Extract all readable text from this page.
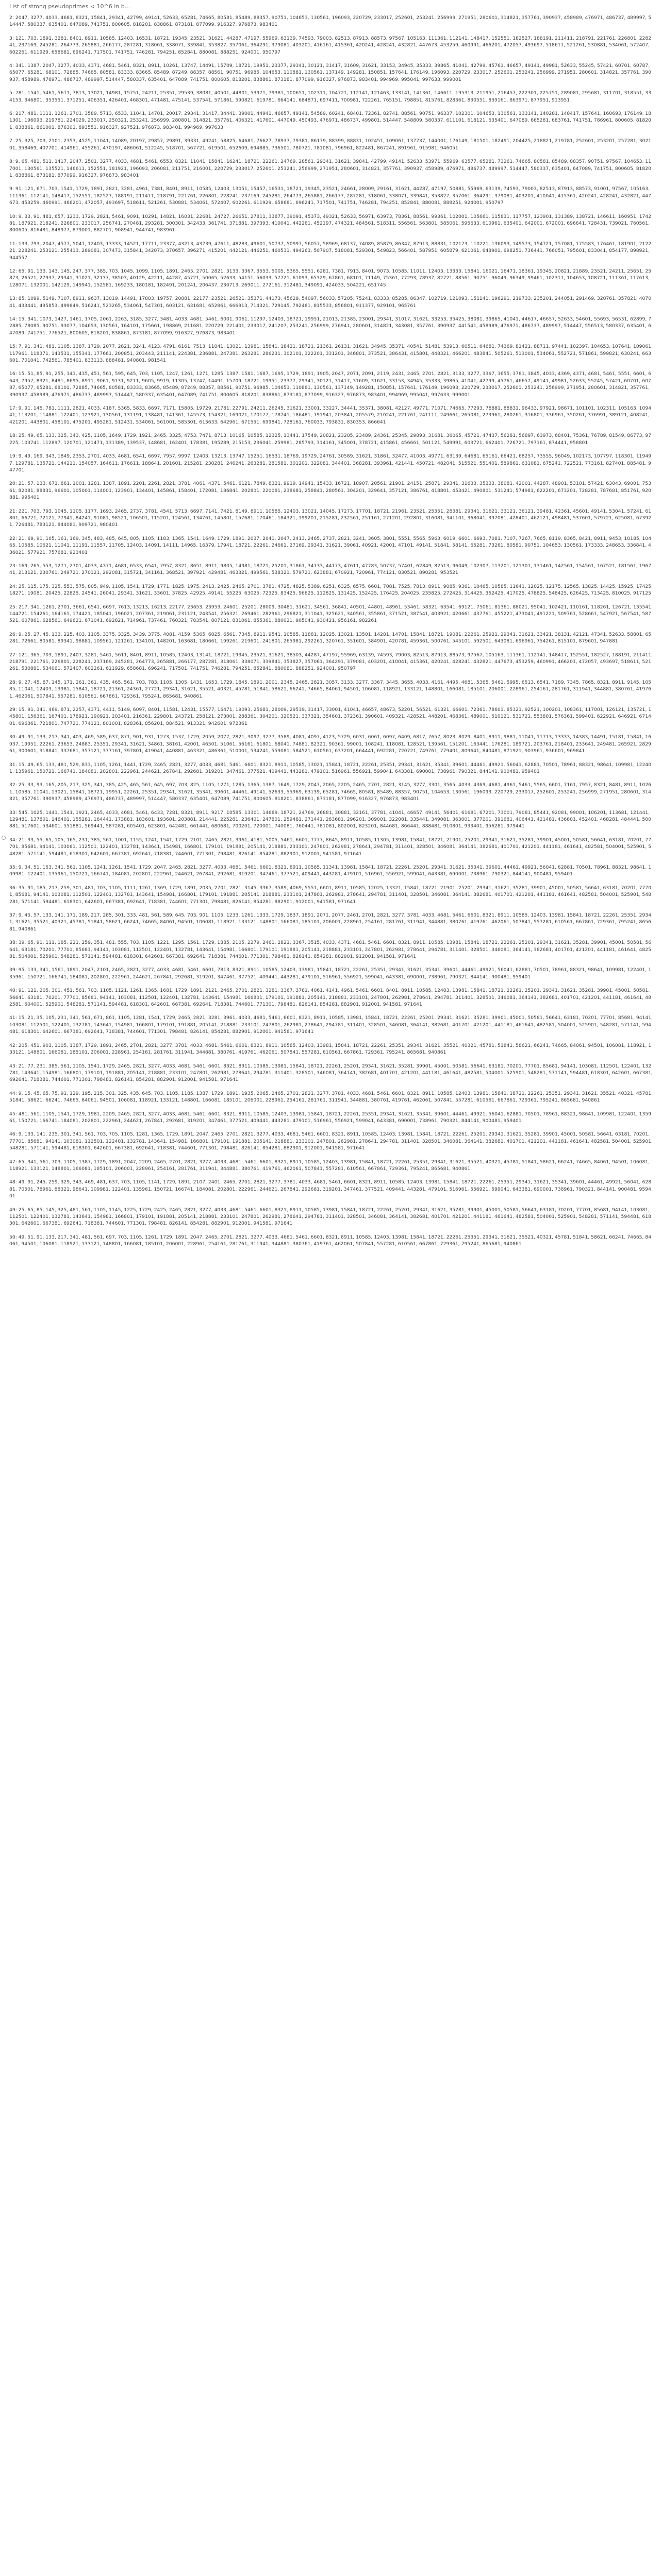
List of strong pseudoprimes < 10^6 in b...
2: 2047, 3277, 4033, 4681, 8321, 15841, 29341, 42799, 49141, 52633, 65281, 74665, 80581, 85489, 88357, 90751, 104653, 130561, 196093, 220729, 233017, 252601, 253241, 256999, 271951, 280601, 314821, 357761, 390937, 458989, 476971, 486737, 489997, 514447, 580337, 635401, 647089, 741751, 800605, 818201, 838861, 873181, 877099, 916327, 976873, 983401
3: 121, 703, 1891, 3281, 8401, 8911, 10585, 12403, 16531, 18721, 19345, 23521, 31621, 44287, 47197, 55969, 63139, 74593, 79003, 82513, 87913, 88573, 97567, 105163, 111361, 112141, 148417, 152551, 182527, 188191, 211411, 218791, 221761, 226801, 228241, 237169, 245281, 264773, 265881, 266177, 287281, 318061, 338071, 339841, 353827, 357061, 364291, 379081, 403201, 416161, 415361, 420241, 428241, 432821, 447673, 453259, 460991, 466201, 472057, 493697, 518611, 521261, 530881, 534061, 572407, 602261, 611929, 658681, 696241, 717501, 741751, 746281, 794251, 852841, 880081, 888251, 924001, 950797
4: 341, 1387, 2047, 3277, 4033, 4371, 4681, 5461, 8321, 8911, 10261, 13747, 14491, 15709, 18721, 19951, 23377, 29341, 30121, 31417, 31609, 31621, 33153, 34945, 35333, 39865, 41041, 42799, 45761, 46657, 49141, 49981, 52633, 55245, 57421, 60701, 60787, 65077, 65281, 68101, 72885, 74665, 80581, 83333, 83665, 85489, 87249, 88357, 88561, 90751, 96985, 104653, 110881, 130561, 137149, 149281, 150851, 157641, 176149, 196093, 220729, 233017, 252601, 253241, 256999, 271951, 280601, 314821, 357761, 390937, 458989, 476971, 486737, 489997, 514447, 580337, 635401, 647089, 741751, 800605, 818201, 838861, 873181, 877099, 916327, 976873, 983401, 994969, 995041, 997633, 999001
5: 781, 1541, 5461, 5611, 7813, 13021, 14981, 15751, 24211, 25351, 29539, 38081, 40501, 44801, 53971, 79381, 100651, 102311, 104721, 112141, 121463, 133141, 141361, 146611, 195313, 211951, 216457, 222301, 225751, 289081, 295681, 311701, 318551, 334153, 346801, 353551, 371251, 406351, 426401, 468301, 471481, 475141, 537541, 571861, 590821, 619781, 664141, 684871, 697411, 700981, 722261, 765151, 798851, 815761, 828361, 830551, 839161, 863971, 877951, 913951
6: 217, 481, 1111, 1261, 2701, 3589, 5713, 6533, 11041, 14701, 20017, 29341, 31417, 34441, 39001, 44941, 46657, 49141, 54589, 60241, 68401, 72361, 82741, 88561, 90751, 96337, 102301, 104653, 130561, 133141, 140281, 148417, 157641, 160693, 176149, 181301, 196093, 219781, 224029, 233017, 250321, 253241, 256999, 280801, 314821, 357761, 406321, 417601, 447049, 450493, 476971, 486737, 499801, 514447, 548809, 580337, 611101, 618121, 635401, 647089, 665281, 683761, 741751, 786961, 800605, 818201, 838861, 861001, 876301, 893551, 916327, 927521, 976873, 983401, 994969, 997633
7: 25, 325, 703, 2101, 2353, 4525, 11041, 14089, 20197, 29857, 29891, 39331, 49241, 58825, 64681, 76627, 78937, 79381, 86179, 88399, 88831, 102451, 109061, 137737, 144001, 176149, 181501, 182491, 204425, 218821, 219781, 252601, 253201, 257281, 302101, 358469, 407701, 414961, 455261, 470197, 486061, 512245, 518701, 567721, 619501, 652609, 694885, 736501, 780721, 781081, 796961, 822481, 867241, 891961, 915981, 946051
8: 9, 65, 481, 511, 1417, 2047, 2501, 3277, 4033, 4681, 5461, 6553, 8321, 11041, 15841, 16241, 18721, 22261, 24769, 28561, 29341, 31621, 39841, 42799, 49141, 52633, 53971, 55969, 63577, 65281, 73261, 74665, 80581, 85489, 88357, 90751, 97567, 104653, 117001, 130561, 135521, 146611, 152551, 181921, 196093, 206081, 211751, 216001, 220729, 233017, 252601, 253241, 256999, 271951, 280601, 314821, 357761, 390937, 458989, 476971, 486737, 489997, 514447, 580337, 635401, 647089, 741751, 800605, 818201, 838861, 873181, 877099, 916327, 976873, 983401
9: 91, 121, 671, 703, 1541, 1729, 1891, 2821, 3281, 4961, 7381, 8401, 8911, 10585, 12403, 13051, 15457, 16531, 18721, 19345, 23521, 24661, 28009, 29161, 31621, 44287, 47197, 50881, 55969, 63139, 74593, 79003, 82513, 87913, 88573, 91001, 97567, 105163, 111361, 112141, 148417, 152551, 182527, 188191, 211411, 218791, 221761, 226801, 228241, 237169, 245281, 264773, 265881, 266177, 287281, 318061, 338071, 339841, 353827, 357061, 364291, 379081, 403201, 410041, 415361, 420241, 428241, 432821, 447673, 453259, 460991, 466201, 472057, 493697, 518611, 521261, 530881, 534061, 572407, 602261, 611929, 658681, 696241, 717501, 741751, 746281, 794251, 852841, 880081, 888251, 924001, 950797
10: 9, 33, 91, 481, 657, 1233, 1729, 2821, 5461, 9091, 10291, 14821, 16031, 22681, 24727, 26651, 27811, 33877, 39091, 45373, 49321, 52633, 56971, 63973, 78361, 88561, 99361, 102001, 105661, 115831, 117757, 123901, 131389, 138721, 146611, 160951, 174281, 187921, 218241, 226801, 233017, 256741, 270481, 293281, 300301, 342433, 361741, 371881, 397393, 410041, 442261, 452197, 474321, 484561, 518311, 556561, 563801, 585061, 595633, 610961, 635401, 642001, 672001, 696641, 728431, 739021, 760561, 800605, 816481, 848977, 879001, 882701, 908941, 944741, 983961
11: 133, 793, 2047, 4577, 5041, 12403, 13333, 14521, 17711, 23377, 43213, 43739, 47611, 48283, 49601, 50737, 50997, 56057, 58969, 68137, 74089, 85879, 86347, 87913, 88831, 102173, 110221, 136093, 149573, 154721, 157081, 175583, 176461, 181901, 212221, 228241, 253121, 255413, 289081, 307473, 315841, 342073, 370657, 396271, 415201, 442121, 446251, 460531, 494263, 507907, 518081, 529301, 549823, 566401, 587951, 605879, 621061, 648901, 698251, 736441, 766051, 795601, 833041, 854177, 898921, 944557
12: 65, 91, 133, 143, 145, 247, 377, 385, 703, 1045, 1099, 1105, 1891, 2465, 2701, 2821, 3133, 3367, 3553, 5005, 5365, 5551, 6281, 7381, 7913, 8401, 9073, 10585, 11011, 12403, 13333, 15841, 16021, 16471, 18361, 19345, 20821, 21889, 23521, 24211, 25651, 25873, 26521, 27937, 29341, 31021, 32137, 38503, 40129, 42211, 44287, 45721, 50065, 52633, 54151, 56033, 57721, 61093, 65329, 67861, 68101, 71149, 75361, 77293, 78937, 82721, 88561, 90751, 96049, 96349, 99461, 102311, 104653, 108721, 111361, 117613, 128071, 132001, 142129, 149941, 152581, 169233, 180181, 182491, 201241, 206437, 230713, 269011, 272161, 312481, 349091, 424033, 504221, 651745
13: 85, 1099, 5149, 7107, 8911, 9637, 13019, 14491, 17803, 19757, 20881, 22177, 23521, 26521, 35371, 44173, 45629, 54097, 56033, 57205, 75241, 83333, 85285, 86347, 102719, 121093, 151141, 196291, 219733, 235201, 244051, 291469, 320761, 357821, 407041, 433441, 495853, 499849, 516241, 523265, 534061, 547301, 603121, 631681, 652861, 666913, 714321, 729145, 792481, 815533, 856801, 911377, 929101, 965761
14: 15, 341, 1073, 1427, 1461, 1705, 2061, 2263, 3185, 3277, 3481, 4033, 4681, 5461, 6001, 9061, 11297, 12403, 18721, 19951, 21013, 21385, 23001, 29341, 31017, 31621, 33253, 35425, 38081, 39865, 41041, 44617, 46657, 52633, 54601, 55693, 56531, 62899, 72885, 78085, 90751, 93077, 104653, 130561, 164101, 175661, 198869, 211681, 220729, 221401, 233017, 241207, 253241, 256999, 276941, 280601, 314821, 343081, 357761, 390937, 441541, 458989, 476971, 486737, 489997, 514447, 556513, 580337, 635401, 647089, 741751, 776521, 800605, 818201, 838861, 873181, 877099, 916327, 976873, 983401
15: 7, 91, 341, 481, 1105, 1387, 1729, 2077, 2821, 3241, 4123, 4791, 6161, 7513, 11041, 13021, 13981, 15841, 18421, 18721, 21361, 26131, 31621, 34945, 35371, 40541, 51481, 53913, 60511, 64681, 74369, 81421, 88711, 97441, 102397, 104653, 107641, 109061, 117961, 118371, 143531, 155341, 177661, 200851, 203443, 211141, 224381, 236881, 247381, 263281, 286231, 302101, 322201, 331201, 346801, 373521, 386431, 415801, 448321, 466201, 483841, 505261, 513001, 534061, 552721, 571861, 599821, 630241, 663601, 701041, 742561, 785401, 833113, 888481, 940801, 981541
16: 15, 51, 85, 91, 255, 341, 435, 451, 561, 595, 645, 703, 1105, 1247, 1261, 1271, 1285, 1387, 1581, 1687, 1695, 1729, 1891, 1905, 2047, 2071, 2091, 2119, 2431, 2465, 2701, 2821, 3133, 3277, 3367, 3655, 3781, 3845, 4033, 4369, 4371, 4681, 5461, 5551, 6601, 6643, 7957, 8321, 8481, 8695, 8911, 9061, 9131, 9211, 9605, 9919, 11305, 13747, 14491, 15709, 18721, 19951, 23377, 29341, 30121, 31417, 31609, 31621, 33153, 34945, 35333, 39865, 41041, 42799, 45761, 46657, 49141, 49981, 52633, 55245, 57421, 60701, 60787, 65077, 65281, 68101, 72885, 74665, 80581, 83333, 83665, 85489, 87249, 88357, 88561, 90751, 96985, 104653, 110881, 130561, 137149, 149281, 150851, 157641, 176149, 196093, 220729, 233017, 252601, 253241, 256999, 271951, 280601, 314821, 357761, 390937, 458989, 476971, 486737, 489997, 514447, 580337, 635401, 647089, 741751, 800605, 818201, 838861, 873181, 877099, 916327, 976873, 983401, 994969, 995041, 997633, 999001
17: 9, 91, 145, 781, 1111, 2821, 4033, 4187, 5365, 5833, 6697, 7171, 15805, 19729, 21781, 22791, 24211, 26245, 31621, 33001, 33227, 34441, 35371, 38081, 42127, 49771, 71071, 74665, 77293, 78881, 88831, 96433, 97921, 98671, 101101, 102311, 105163, 109441, 113201, 114881, 122401, 123921, 130561, 131191, 138481, 141361, 145573, 154321, 169021, 170177, 178741, 186481, 191941, 203841, 205579, 210241, 221761, 241111, 249661, 265081, 273961, 280261, 316801, 336961, 350261, 376991, 389121, 408241, 421201, 443801, 458101, 475201, 495281, 512431, 534061, 561001, 585301, 613633, 642961, 671551, 699841, 728161, 760033, 793831, 830353, 866641
18: 25, 49, 65, 133, 325, 343, 425, 1105, 1649, 1729, 1921, 2465, 3325, 4753, 7471, 8713, 10165, 10585, 12325, 13441, 17549, 20821, 23205, 23489, 24361, 25345, 29893, 31681, 36065, 45721, 47437, 56281, 56897, 63973, 68401, 75361, 76789, 81549, 86773, 97225, 103741, 112897, 120701, 121471, 131389, 139537, 148681, 162401, 178381, 195289, 215153, 236041, 259981, 285793, 314161, 345001, 378721, 415861, 456661, 501121, 549991, 603721, 662401, 726721, 797161, 874441, 958801
19: 9, 49, 169, 343, 1849, 2353, 2701, 4033, 4681, 6541, 6697, 7957, 9997, 12403, 13213, 13747, 15251, 16531, 18769, 19729, 24761, 30589, 31621, 31861, 32477, 41003, 49771, 63139, 64681, 65161, 66421, 68257, 73555, 96049, 102173, 107797, 118301, 119497, 129781, 135721, 144211, 154057, 164611, 176611, 188641, 201601, 215281, 230281, 246241, 263281, 281581, 301201, 322081, 344401, 368281, 393961, 421441, 450721, 482041, 515521, 551401, 589861, 631081, 675241, 722521, 773161, 827401, 885481, 947701
20: 21, 57, 133, 671, 861, 1001, 1281, 1387, 1891, 2201, 2261, 2821, 3781, 4061, 4371, 5461, 6121, 7849, 8321, 9919, 14941, 15433, 16721, 18907, 20561, 21901, 24151, 25871, 29341, 31633, 35333, 38081, 42001, 44287, 48901, 53101, 57421, 63043, 69001, 75361, 82081, 88831, 96601, 105001, 114001, 123901, 134401, 145861, 158401, 172081, 186841, 202801, 220081, 238681, 258841, 280561, 304201, 329641, 357121, 386761, 418801, 453421, 490801, 531241, 574981, 622201, 673201, 728281, 787681, 851761, 920881, 995401
21: 221, 703, 793, 1045, 1105, 1177, 1693, 2465, 2737, 3781, 4541, 5713, 6697, 7141, 7421, 8149, 8911, 10585, 12403, 13021, 14045, 17273, 17701, 18721, 21961, 23521, 25351, 28381, 29341, 31621, 33121, 36121, 39481, 42361, 45601, 49141, 53041, 57241, 61801, 66721, 72121, 77941, 84241, 91081, 98521, 106501, 115201, 124561, 134761, 145801, 157681, 170461, 184321, 199201, 215281, 232561, 251161, 271201, 292801, 316081, 341101, 368041, 397081, 428401, 462121, 498481, 537601, 579721, 625081, 673921, 726481, 783121, 844081, 909721, 980401
22: 21, 69, 91, 105, 161, 169, 345, 483, 485, 645, 805, 1105, 1183, 1365, 1541, 1649, 1729, 1891, 2037, 2041, 2047, 2413, 2465, 2737, 2821, 3241, 3605, 3801, 5551, 5565, 5963, 6019, 6601, 6693, 7081, 7107, 7267, 7665, 8119, 8365, 8421, 8911, 9453, 10185, 10465, 10585, 10621, 11041, 11191, 11557, 11705, 12403, 14091, 14111, 14965, 16379, 17941, 18721, 22261, 24661, 27169, 29341, 31621, 39061, 40921, 42001, 47101, 49141, 51841, 58141, 65281, 73261, 80581, 90751, 104653, 130561, 173333, 248653, 336841, 436021, 577921, 757681, 923401
23: 169, 265, 553, 1271, 2701, 4033, 4371, 4681, 6533, 6541, 7957, 8321, 8651, 8911, 9805, 14981, 18721, 25201, 31861, 34133, 44173, 47611, 47783, 50737, 57401, 62849, 82513, 96049, 102307, 113201, 121301, 131461, 142561, 154561, 167521, 181561, 196741, 213121, 230761, 249721, 270121, 292081, 315721, 341161, 368521, 397921, 429481, 463321, 499561, 538321, 579721, 623881, 670921, 720961, 774121, 830521, 890281, 953521
24: 25, 115, 175, 325, 553, 575, 805, 949, 1105, 1541, 1729, 1771, 1825, 1975, 2413, 2425, 2465, 2701, 3781, 4725, 4825, 5389, 6251, 6325, 6575, 6601, 7081, 7525, 7813, 8911, 9085, 9361, 10465, 10585, 11641, 12025, 12175, 12565, 13825, 14425, 15925, 17425, 18271, 19081, 20425, 22825, 24541, 26041, 29341, 31621, 33601, 37825, 42925, 49141, 55225, 63025, 72325, 83425, 96625, 112825, 131425, 152425, 176425, 204025, 235825, 272425, 314425, 362425, 417025, 478825, 548425, 626425, 713425, 810025, 917125
25: 217, 341, 1261, 2701, 3661, 6541, 6697, 7613, 13213, 16213, 22177, 23653, 23953, 24601, 25201, 28009, 30481, 31621, 34561, 36841, 40501, 44801, 48961, 53461, 58321, 63541, 69121, 75061, 81361, 88021, 95041, 102421, 110161, 118261, 126721, 135541, 144721, 154261, 164161, 174421, 185041, 196021, 207361, 219061, 231121, 243541, 256321, 269461, 282961, 296821, 311041, 325621, 340561, 355861, 371521, 387541, 403921, 420661, 437761, 455221, 473041, 491221, 509761, 528661, 547921, 567541, 587521, 607861, 628561, 649621, 671041, 692821, 714961, 737461, 760321, 783541, 807121, 831061, 855361, 880021, 905041, 930421, 956161, 982261
26: 9, 25, 27, 45, 133, 225, 403, 1105, 3375, 3325, 3439, 3775, 4081, 4159, 5365, 6025, 6561, 7345, 8911, 9541, 10585, 11881, 12025, 13021, 13501, 14281, 14701, 15841, 18721, 19081, 22261, 25921, 29341, 31621, 33421, 38131, 42121, 47341, 52633, 58801, 65281, 72661, 80581, 89341, 98881, 109561, 121261, 134101, 148201, 163681, 180661, 199261, 219601, 241801, 265981, 292261, 320761, 351601, 384901, 420781, 459361, 500761, 545101, 592501, 643081, 696961, 754261, 815101, 879601, 947881
27: 121, 365, 703, 1891, 2407, 3281, 5461, 5611, 8401, 8911, 10585, 12403, 13141, 18721, 19345, 23521, 31621, 38503, 44287, 47197, 55969, 63139, 74593, 79003, 82513, 87913, 88573, 97567, 105163, 111361, 112141, 148417, 152551, 182527, 188191, 211411, 218791, 221761, 226801, 228241, 237169, 245281, 264773, 265881, 266177, 287281, 318061, 338071, 339841, 353827, 357061, 364291, 379081, 403201, 410041, 415361, 420241, 428241, 432821, 447673, 453259, 460991, 466201, 472057, 493697, 518611, 521261, 530881, 534061, 572407, 602261, 611929, 658681, 696241, 717501, 741751, 746281, 794251, 852841, 880081, 888251, 924001, 950797
28: 9, 27, 45, 87, 145, 171, 261, 361, 435, 465, 561, 703, 783, 1105, 1305, 1431, 1653, 1729, 1845, 1891, 2001, 2345, 2465, 2821, 3057, 3133, 3277, 3367, 3445, 3655, 4033, 4161, 4495, 4681, 5365, 5461, 5995, 6513, 6541, 7189, 7345, 7865, 8321, 8911, 9145, 10585, 11041, 12403, 13981, 15841, 18721, 21361, 24361, 27721, 29341, 31621, 35521, 40321, 45781, 51841, 58621, 66241, 74665, 84061, 94501, 106081, 118921, 133121, 148801, 166081, 185101, 206001, 228961, 254161, 281761, 311941, 344881, 380761, 419761, 462061, 507841, 557281, 610561, 667861, 729361, 795241, 865681, 940861
29: 15, 91, 341, 469, 871, 2257, 4371, 4411, 5149, 6097, 8401, 11581, 12431, 15577, 16471, 19093, 25681, 28009, 29539, 31417, 33001, 41041, 46657, 48673, 52201, 56521, 61321, 66601, 72361, 78601, 85321, 92521, 100201, 108361, 117001, 126121, 135721, 145801, 156361, 167401, 178921, 190921, 203401, 216361, 229801, 243721, 258121, 273001, 288361, 304201, 320521, 337321, 354601, 372361, 390601, 409321, 428521, 448201, 468361, 489001, 510121, 531721, 553801, 576361, 599401, 622921, 646921, 671401, 696361, 721801, 747721, 774121, 801001, 828361, 856201, 884521, 913321, 942601, 972361
30: 49, 91, 133, 217, 341, 403, 469, 589, 637, 871, 901, 931, 1273, 1537, 1729, 2059, 2077, 2821, 3097, 3277, 3589, 4081, 4097, 4123, 5729, 6031, 6061, 6097, 6409, 6817, 7657, 8023, 8029, 8401, 8911, 9881, 11041, 11713, 13333, 14383, 14491, 15181, 15841, 16937, 19951, 22261, 23653, 24883, 25351, 29341, 31621, 34861, 38161, 42001, 46501, 51061, 56161, 61801, 68041, 74881, 82321, 90361, 99001, 108241, 118081, 128521, 139561, 151201, 163441, 176281, 189721, 203761, 218401, 233641, 249481, 265921, 282961, 300601, 318841, 337681, 357121, 377161, 397801, 419041, 440881, 463321, 486361, 510001, 534241, 559081, 584521, 610561, 637201, 664441, 692281, 720721, 749761, 779401, 809641, 840481, 871921, 903961, 936601, 969841
31: 15, 49, 65, 133, 481, 529, 833, 1105, 1261, 1441, 1729, 2465, 2821, 3277, 4033, 4681, 5461, 6601, 8321, 8911, 10585, 13021, 15841, 18721, 22261, 25351, 29341, 31621, 35341, 39601, 44461, 49921, 56041, 62881, 70501, 78961, 88321, 98641, 109981, 122401, 135961, 150721, 166741, 184081, 202801, 222961, 244621, 267841, 292681, 319201, 347461, 377521, 409441, 443281, 479101, 516961, 556921, 599041, 643381, 690001, 738961, 790321, 844141, 900481, 959401
32: 25, 33, 93, 165, 205, 217, 325, 341, 385, 425, 465, 561, 645, 697, 703, 825, 1105, 1271, 1285, 1365, 1387, 1649, 1729, 2047, 2065, 2205, 2465, 2701, 2821, 3145, 3277, 3301, 3565, 4033, 4369, 4681, 4961, 5461, 5565, 6601, 7161, 7957, 8321, 8481, 8911, 10261, 10585, 11041, 13021, 15841, 18721, 19951, 22261, 25351, 29341, 31621, 35341, 39601, 44461, 49141, 52633, 55969, 63139, 65281, 74665, 80581, 85489, 88357, 90751, 104653, 130561, 196093, 220729, 233017, 252601, 253241, 256999, 271951, 280601, 314821, 357761, 390937, 458989, 476971, 486737, 489997, 514447, 580337, 635401, 647089, 741751, 800605, 818201, 838861, 873181, 877099, 916327, 976873, 983401
33: 545, 1025, 1441, 1541, 1921, 2465, 4033, 4681, 5461, 6433, 7281, 8321, 8911, 9217, 10585, 13301, 14689, 18721, 24769, 26881, 30881, 32161, 37781, 41041, 46657, 49141, 56401, 61681, 67201, 73001, 79081, 85441, 92081, 99001, 106201, 113681, 121441, 129481, 137801, 146401, 155281, 164441, 173881, 183601, 193601, 203881, 214441, 225281, 236401, 247801, 259481, 271441, 283681, 296201, 309001, 322081, 335441, 349081, 363001, 377201, 391681, 406441, 421481, 436801, 452401, 468281, 484441, 500881, 517601, 534601, 551881, 569441, 587281, 605401, 623801, 642481, 661441, 680681, 700201, 720001, 740081, 760441, 781081, 802001, 823201, 844681, 866441, 888481, 910801, 933401, 956281, 979441
34: 21, 33, 55, 65, 105, 165, 231, 385, 561, 1001, 1155, 1241, 1541, 1729, 2101, 2465, 2821, 3961, 4181, 5005, 5461, 6601, 7777, 8645, 8911, 10585, 11305, 13981, 15841, 18721, 21901, 25201, 29341, 31621, 35281, 39901, 45001, 50581, 56641, 63181, 70201, 77701, 85681, 94141, 103081, 112501, 122401, 132781, 143641, 154981, 166801, 179101, 191881, 205141, 218881, 233101, 247801, 262981, 278641, 294781, 311401, 328501, 346081, 364141, 382681, 401701, 421201, 441181, 461641, 482581, 504001, 525901, 548281, 571141, 594481, 618301, 642601, 667381, 692641, 718381, 744601, 771301, 798481, 826141, 854281, 882901, 912001, 941581, 971641
35: 9, 34, 51, 153, 341, 561, 1105, 1241, 1261, 1541, 1729, 2047, 2465, 2821, 3277, 4033, 4681, 5461, 6601, 8321, 8911, 10585, 11341, 13981, 15841, 18721, 22261, 25201, 29341, 31621, 35341, 39601, 44461, 49921, 56041, 62881, 70501, 78961, 88321, 98641, 109981, 122401, 135961, 150721, 166741, 184081, 202801, 222961, 244621, 267841, 292681, 319201, 347461, 377521, 409441, 443281, 479101, 516961, 556921, 599041, 643381, 690001, 738961, 790321, 844141, 900481, 959401
36: 35, 91, 185, 217, 259, 301, 481, 703, 1105, 1111, 1261, 1369, 1729, 1891, 2035, 2701, 2821, 3145, 3367, 3589, 4069, 5551, 6601, 8911, 10585, 12025, 13321, 15841, 18721, 21901, 25201, 29341, 31621, 35281, 39901, 45001, 50581, 56641, 63181, 70201, 77701, 85681, 94141, 103081, 112501, 122401, 132781, 143641, 154981, 166801, 179101, 191881, 205141, 218881, 233101, 247801, 262981, 278641, 294781, 311401, 328501, 346081, 364141, 382681, 401701, 421201, 441181, 461641, 482581, 504001, 525901, 548281, 571141, 594481, 618301, 642601, 667381, 692641, 718381, 744601, 771301, 798481, 826141, 854281, 882901, 912001, 941581, 971641
37: 9, 45, 57, 133, 141, 171, 189, 217, 285, 301, 333, 481, 561, 589, 645, 703, 901, 1105, 1233, 1261, 1333, 1729, 1837, 1891, 2071, 2077, 2461, 2701, 2821, 3277, 3781, 4033, 4681, 5461, 6601, 8321, 8911, 10585, 12403, 13981, 15841, 18721, 22261, 25351, 29341, 31621, 35521, 40321, 45781, 51841, 58621, 66241, 74665, 84061, 94501, 106081, 118921, 133121, 148801, 166081, 185101, 206001, 228961, 254161, 281761, 311941, 344881, 380761, 419761, 462061, 507841, 557281, 610561, 667861, 729361, 795241, 865681, 940861
38: 39, 65, 91, 111, 185, 221, 259, 351, 481, 555, 703, 1105, 1221, 1295, 1561, 1729, 1885, 2105, 2279, 2461, 2821, 3367, 3515, 4033, 4371, 4681, 5461, 6601, 8321, 8911, 10585, 13981, 15841, 18721, 22261, 25201, 29341, 31621, 35281, 39901, 45001, 50581, 56641, 63181, 70201, 77701, 85681, 94141, 103081, 112501, 122401, 132781, 143641, 154981, 166801, 179101, 191881, 205141, 218881, 233101, 247801, 262981, 278641, 294781, 311401, 328501, 346081, 364141, 382681, 401701, 421201, 441181, 461641, 482581, 504001, 525901, 548281, 571141, 594481, 618301, 642601, 667381, 692641, 718381, 744601, 771301, 798481, 826141, 854281, 882901, 912001, 941581, 971641
39: 95, 133, 341, 1561, 1891, 2047, 2101, 2465, 2821, 3277, 4033, 4681, 5461, 6601, 7813, 8321, 8911, 10585, 12403, 13981, 15841, 18721, 22261, 25351, 29341, 31621, 35341, 39601, 44461, 49921, 56041, 62881, 70501, 78961, 88321, 98641, 109981, 122401, 135961, 150721, 166741, 184081, 202801, 222961, 244621, 267841, 292681, 319201, 347461, 377521, 409441, 443281, 479101, 516961, 556921, 599041, 643381, 690001, 738961, 790321, 844141, 900481, 959401
40: 91, 121, 205, 301, 451, 561, 703, 1105, 1121, 1261, 1365, 1681, 1729, 1891, 2121, 2465, 2701, 2821, 3281, 3367, 3781, 4061, 4141, 4961, 5461, 6601, 8401, 8911, 10585, 12403, 13981, 15841, 18721, 22261, 25201, 29341, 31621, 35281, 39901, 45001, 50581, 56641, 63181, 70201, 77701, 85681, 94141, 103081, 112501, 122401, 132781, 143641, 154981, 166801, 179101, 191881, 205141, 218881, 233101, 247801, 262981, 278641, 294781, 311401, 328501, 346081, 364141, 382681, 401701, 421201, 441181, 461641, 482581, 504001, 525901, 548281, 571141, 594481, 618301, 642601, 667381, 692641, 718381, 744601, 771301, 798481, 826141, 854281, 882901, 912001, 941581, 971641
41: 15, 21, 35, 105, 231, 341, 561, 671, 861, 1105, 1281, 1541, 1729, 2465, 2821, 3281, 3961, 4033, 4681, 5461, 6601, 8321, 8911, 10585, 13981, 15841, 18721, 22261, 25201, 29341, 31621, 35281, 39901, 45001, 50581, 56641, 63181, 70201, 77701, 85681, 94141, 103081, 112501, 122401, 132781, 143641, 154981, 166801, 179101, 191881, 205141, 218881, 233101, 247801, 262981, 278641, 294781, 311401, 328501, 346081, 364141, 382681, 401701, 421201, 441181, 461641, 482581, 504001, 525901, 548281, 571141, 594481, 618301, 642601, 667381, 692641, 718381, 744601, 771301, 798481, 826141, 854281, 882901, 912001, 941581, 971641
42: 205, 451, 903, 1105, 1387, 1729, 1891, 2465, 2701, 2821, 3277, 3781, 4033, 4681, 5461, 6601, 8321, 8911, 10585, 12403, 13981, 15841, 18721, 22261, 25351, 29341, 31621, 35521, 40321, 45781, 51841, 58621, 66241, 74665, 84061, 94501, 106081, 118921, 133121, 148801, 166081, 185101, 206001, 228961, 254161, 281761, 311941, 344881, 380761, 419761, 462061, 507841, 557281, 610561, 667861, 729361, 795241, 865681, 940861
43: 21, 77, 231, 385, 561, 1105, 1541, 1729, 2465, 2821, 3277, 4033, 4681, 5461, 6601, 8321, 8911, 10585, 13981, 15841, 18721, 22261, 25201, 29341, 31621, 35281, 39901, 45001, 50581, 56641, 63181, 70201, 77701, 85681, 94141, 103081, 112501, 122401, 132781, 143641, 154981, 166801, 179101, 191881, 205141, 218881, 233101, 247801, 262981, 278641, 294781, 311401, 328501, 346081, 364141, 382681, 401701, 421201, 441181, 461641, 482581, 504001, 525901, 548281, 571141, 594481, 618301, 642601, 667381, 692641, 718381, 744601, 771301, 798481, 826141, 854281, 882901, 912001, 941581, 971641
44: 9, 15, 45, 65, 75, 91, 129, 195, 215, 301, 325, 435, 645, 703, 1105, 1185, 1387, 1729, 1891, 1935, 2065, 2465, 2701, 2821, 3277, 3781, 4033, 4681, 5461, 6601, 8321, 8911, 10585, 12403, 13981, 15841, 18721, 22261, 25351, 29341, 31621, 35521, 40321, 45781, 51841, 58621, 66241, 74665, 84061, 94501, 106081, 118921, 133121, 148801, 166081, 185101, 206001, 228961, 254161, 281761, 311941, 344881, 380761, 419761, 462061, 507841, 557281, 610561, 667861, 729361, 795241, 865681, 940861
45: 481, 561, 1105, 1541, 1729, 1981, 2209, 2465, 2821, 3277, 4033, 4681, 5461, 6601, 8321, 8911, 10585, 12403, 13981, 15841, 18721, 22261, 25351, 29341, 31621, 35341, 39601, 44461, 49921, 56041, 62881, 70501, 78961, 88321, 98641, 109981, 122401, 135961, 150721, 166741, 184081, 202801, 222961, 244621, 267841, 292681, 319201, 347461, 377521, 409441, 443281, 479101, 516961, 556921, 599041, 643381, 690001, 738961, 790321, 844141, 900481, 959401
46: 9, 133, 141, 235, 301, 341, 561, 703, 705, 1105, 1281, 1365, 1729, 1891, 2047, 2465, 2701, 2821, 3277, 4033, 4681, 5461, 6601, 8321, 8911, 10585, 12403, 13981, 15841, 18721, 22261, 25201, 29341, 31621, 35281, 39901, 45001, 50581, 56641, 63181, 70201, 77701, 85681, 94141, 103081, 112501, 122401, 132781, 143641, 154981, 166801, 179101, 191881, 205141, 218881, 233101, 247801, 262981, 278641, 294781, 311401, 328501, 346081, 364141, 382681, 401701, 421201, 441181, 461641, 482581, 504001, 525901, 548281, 571141, 594481, 618301, 642601, 667381, 692641, 718381, 744601, 771301, 798481, 826141, 854281, 882901, 912001, 941581, 971641
47: 65, 341, 561, 703, 1105, 1387, 1729, 1891, 2047, 2209, 2465, 2701, 2821, 3277, 4033, 4681, 5461, 6601, 8321, 8911, 10585, 12403, 13981, 15841, 18721, 22261, 25351, 29341, 31621, 35521, 40321, 45781, 51841, 58621, 66241, 74665, 84061, 94501, 106081, 118921, 133121, 148801, 166081, 185101, 206001, 228961, 254161, 281761, 311941, 344881, 380761, 419761, 462061, 507841, 557281, 610561, 667861, 729361, 795241, 865681, 940861
48: 49, 91, 245, 259, 329, 343, 469, 481, 637, 703, 1105, 1141, 1729, 1891, 2107, 2401, 2465, 2701, 2821, 3277, 3781, 4033, 4681, 5461, 6601, 8321, 8911, 10585, 12403, 13981, 15841, 18721, 22261, 25351, 29341, 31621, 35341, 39601, 44461, 49921, 56041, 62881, 70501, 78961, 88321, 98641, 109981, 122401, 135961, 150721, 166741, 184081, 202801, 222961, 244621, 267841, 292681, 319201, 347461, 377521, 409441, 443281, 479101, 516961, 556921, 599041, 643381, 690001, 738961, 790321, 844141, 900481, 959401
49: 25, 65, 85, 145, 325, 481, 561, 1105, 1145, 1225, 1729, 2425, 2465, 2821, 3277, 4033, 4681, 5461, 6601, 8321, 8911, 10585, 13981, 15841, 18721, 22261, 25201, 29341, 31621, 35281, 39901, 45001, 50581, 56641, 63181, 70201, 77701, 85681, 94141, 103081, 112501, 122401, 132781, 143641, 154981, 166801, 179101, 191881, 205141, 218881, 233101, 247801, 262981, 278641, 294781, 311401, 328501, 346081, 364141, 382681, 401701, 421201, 441181, 461641, 482581, 504001, 525901, 548281, 571141, 594481, 618301, 642601, 667381, 692641, 718381, 744601, 771301, 798481, 826141, 854281, 882901, 912001, 941581, 971641
50: 49, 51, 91, 133, 217, 341, 481, 561, 697, 703, 1105, 1261, 1729, 1891, 2047, 2465, 2701, 2821, 3277, 4033, 4681, 5461, 6601, 8321, 8911, 10585, 12403, 13981, 15841, 18721, 22261, 25351, 29341, 31621, 35521, 40321, 45781, 51841, 58621, 66241, 74665, 84061, 94501, 106081, 118921, 133121, 148801, 166081, 185101, 206001, 228961, 254161, 281761, 311941, 344881, 380761, 419761, 462061, 507841, 557281, 610561, 667861, 729361, 795241, 865681, 940861
